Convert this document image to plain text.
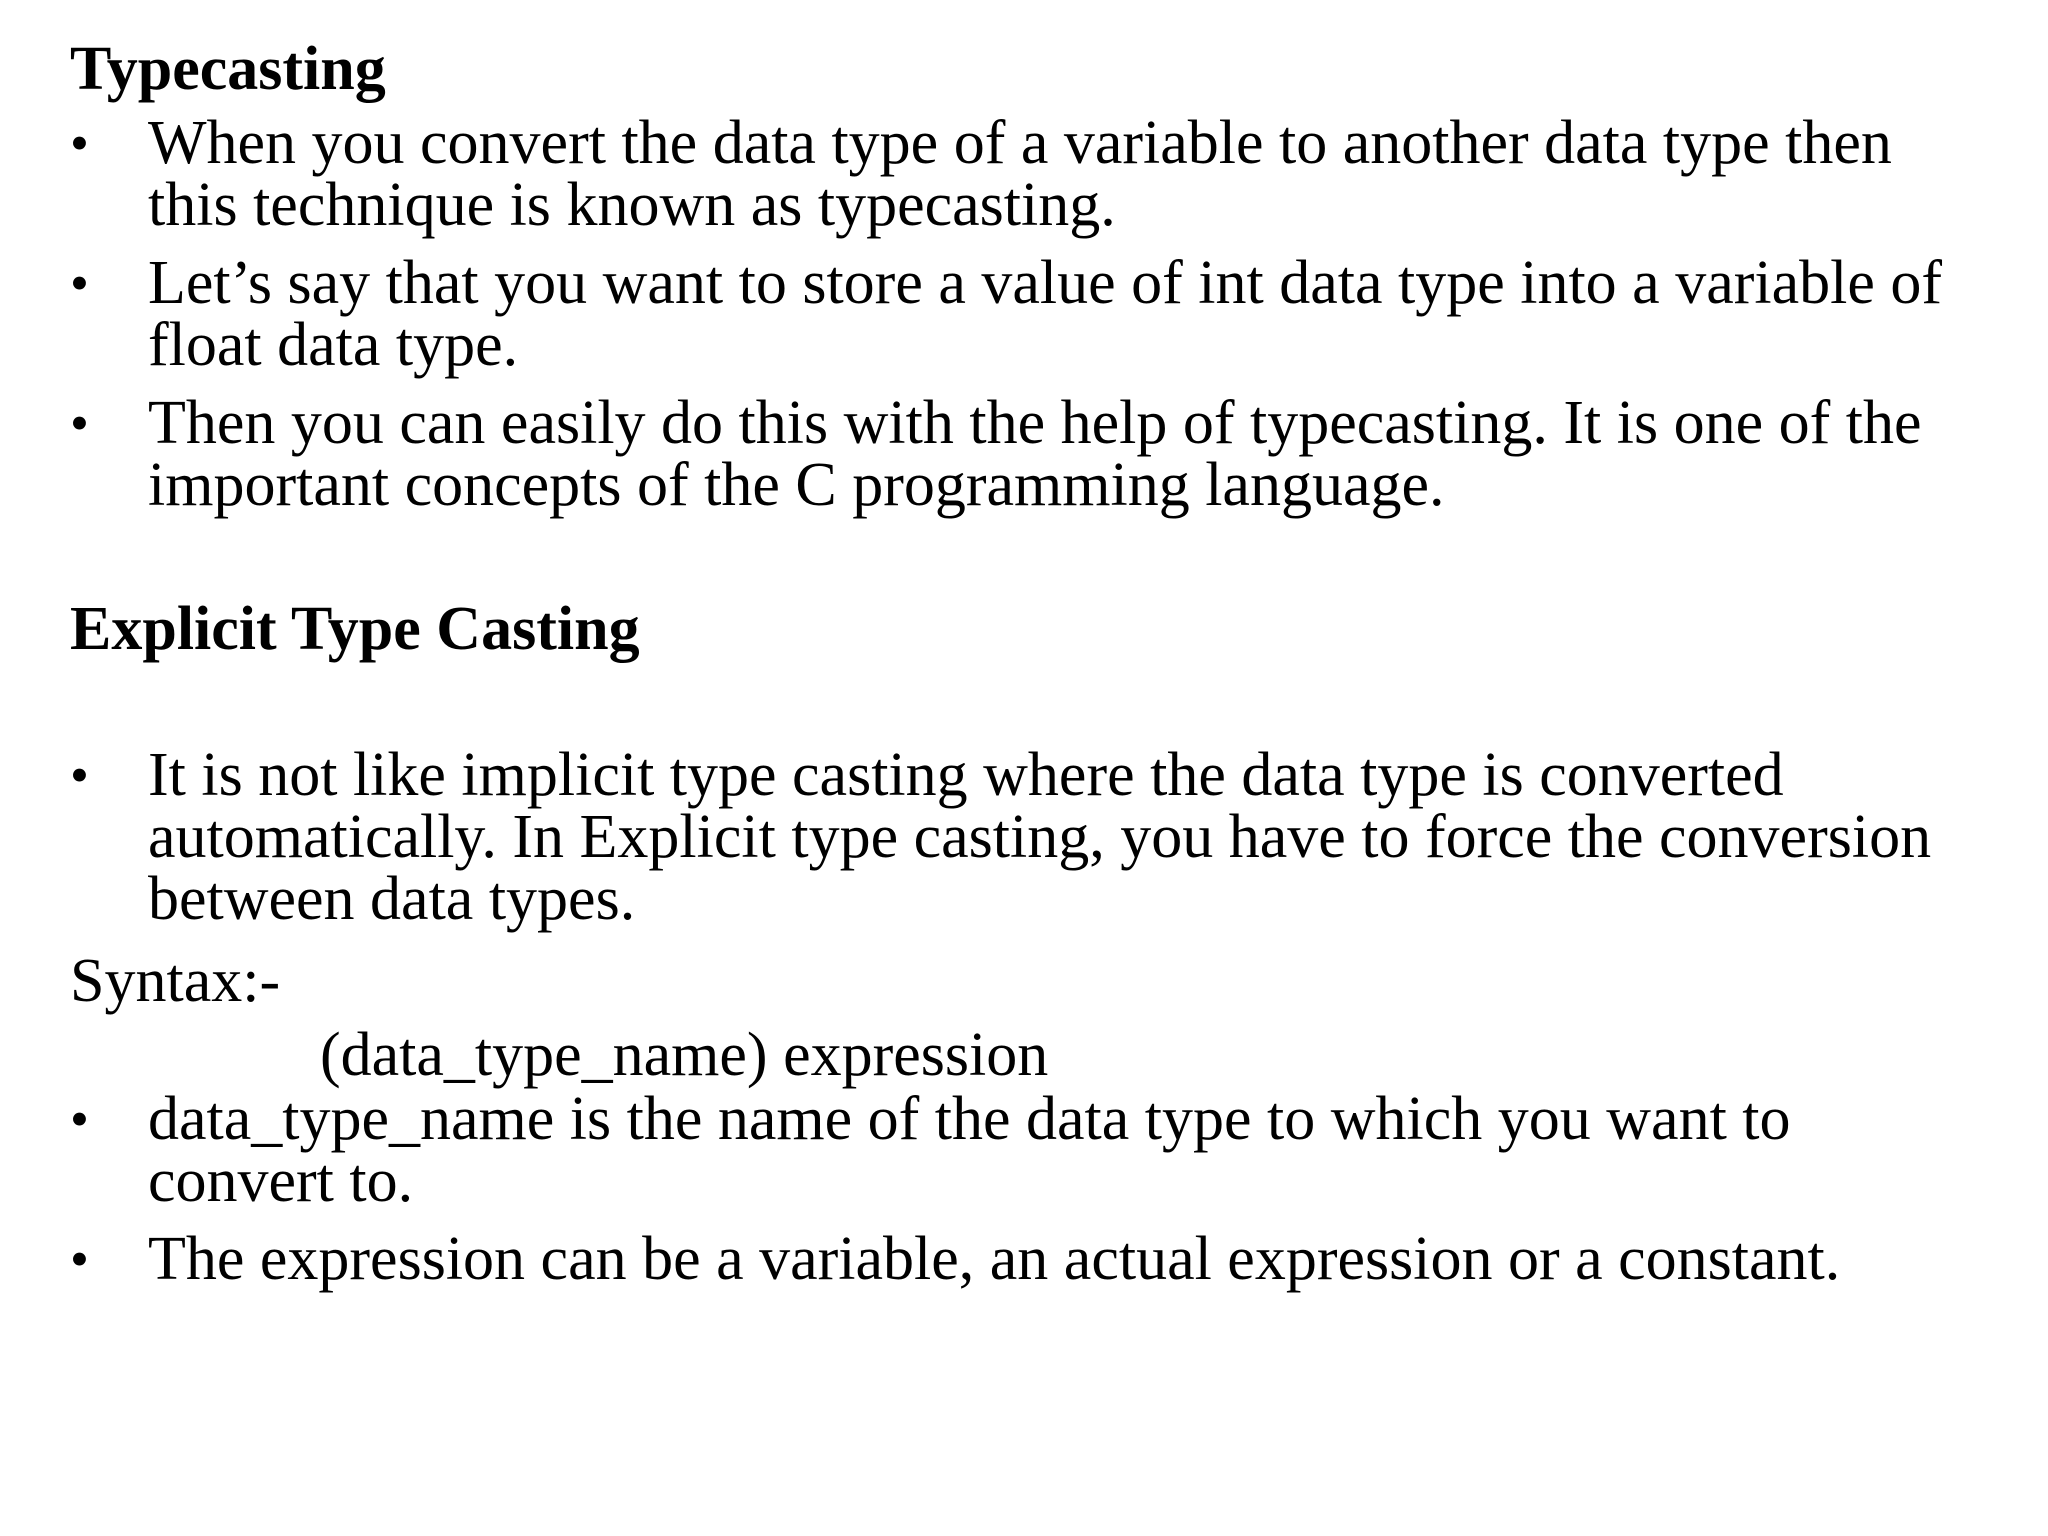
Typecasting
• When you convert the data type of a variable to another data type then this technique is known as typecasting.
• Let’s say that you want to store a value of int data type into a variable of float data type.
• Then you can easily do this with the help of typecasting. It is one of the important concepts of the C programming language.
Explicit Type Casting
• It is not like implicit type casting where the data type is converted automatically. In Explicit type casting, you have to force the conversion between data types.
Syntax:-
(data_type_name) expression
• data_type_name is the name of the data type to which you want to convert to.
• The expression can be a variable, an actual expression or a constant.
